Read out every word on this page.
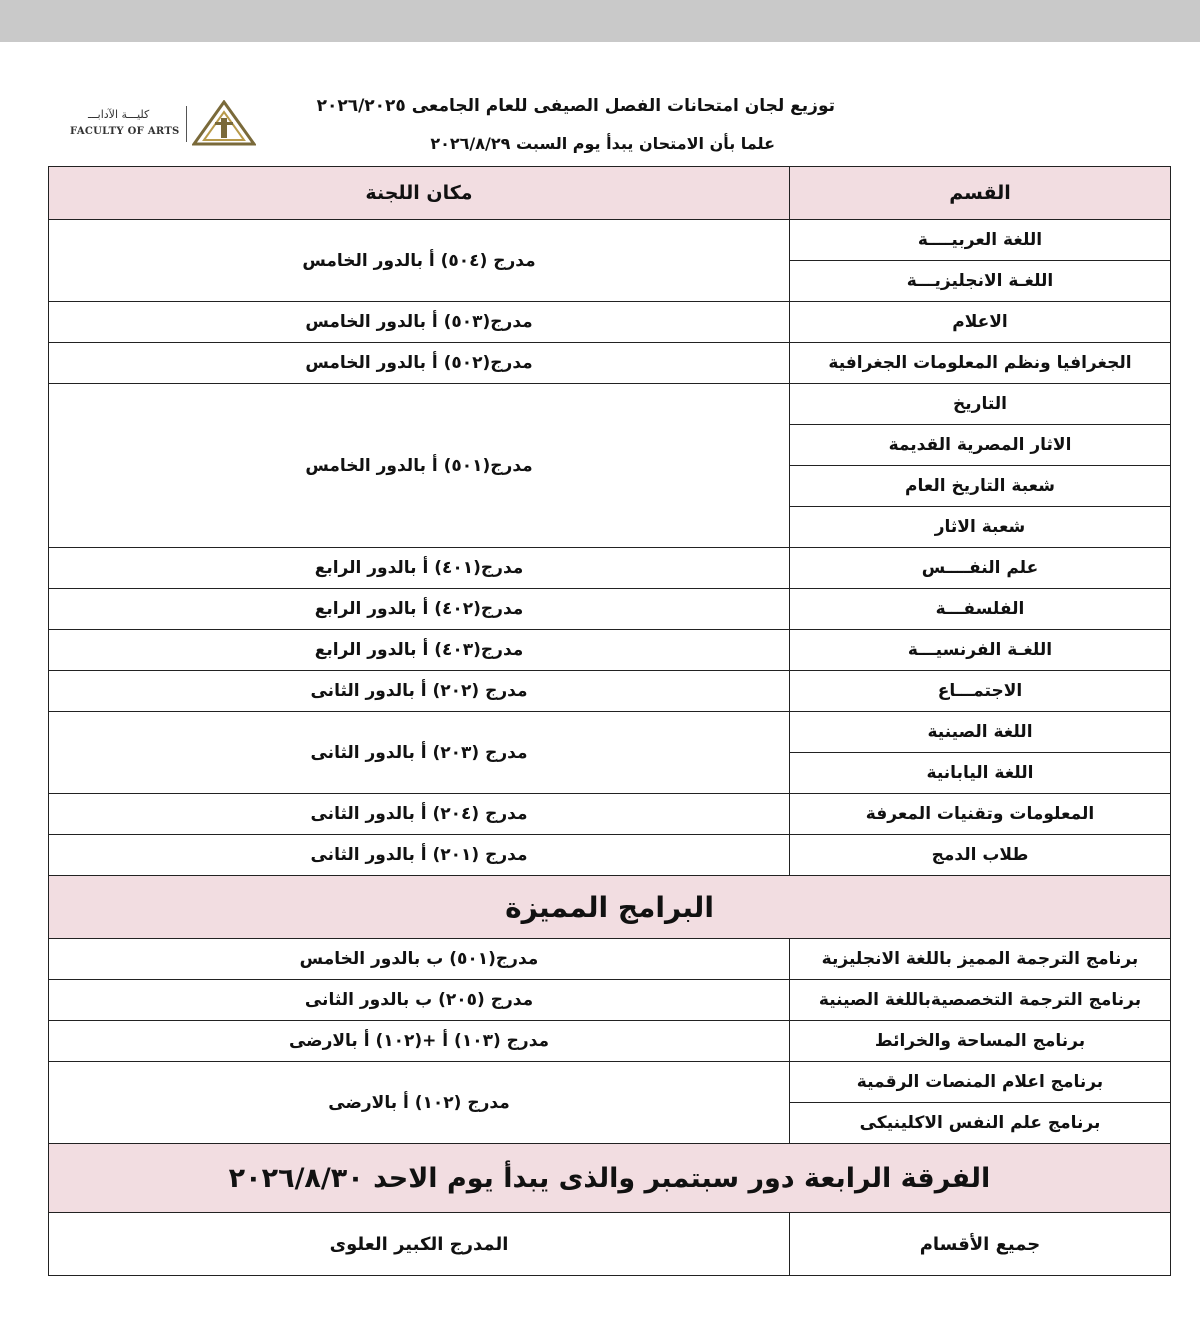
توزيع لجان امتحانات الفصل الصيفى للعام الجامعى ٢٠٢٦/٢٠٢٥
علما بأن الامتحان يبدأ يوم السبت ٢٠٢٦/٨/٢٩
كليـــة الآدابـــ
FACULTY OF ARTS
مكان اللجنة	القسم
مدرج (٥٠٤) أ بالدور الخامس	اللغة العربيــــة
	اللغـة الانجليزيـــة
مدرج(٥٠٣) أ بالدور الخامس	الاعلام
مدرج(٥٠٢) أ بالدور الخامس	الجغرافيا ونظم المعلومات الجغرافية
مدرج(٥٠١) أ بالدور الخامس	التاريخ
	الاثار المصرية القديمة
	شعبة التاريخ العام
	شعبة الاثار
مدرج(٤٠١) أ بالدور الرابع	علم النفــــس
مدرج(٤٠٢) أ بالدور الرابع	الفلسفـــة
مدرج(٤٠٣) أ بالدور الرابع	اللغـة الفرنسيـــة
مدرج (٢٠٢) أ بالدور الثانى	الاجتمـــاع
مدرج (٢٠٣) أ بالدور الثانى	اللغة الصينية
	اللغة اليابانية
مدرج (٢٠٤) أ بالدور الثانى	المعلومات وتقنيات المعرفة
مدرج (٢٠١) أ بالدور الثانى	طلاب الدمج
البرامج المميزة	
مدرج(٥٠١) ب بالدور الخامس	برنامج الترجمة المميز باللغة الانجليزية
مدرج (٢٠٥) ب بالدور الثانى	برنامج الترجمة التخصصيةباللغة الصينية
مدرج (١٠٣) أ +(١٠٢) أ بالارضى	برنامج المساحة والخرائط
مدرج (١٠٢) أ بالارضى	برنامج اعلام المنصات الرقمية
	برنامج علم النفس الاكلينيكى
الفرقة الرابعة دور سبتمبر والذى يبدأ يوم الاحد ٢٠٢٦/٨/٣٠	
المدرج الكبير العلوى	جميع الأقسام
